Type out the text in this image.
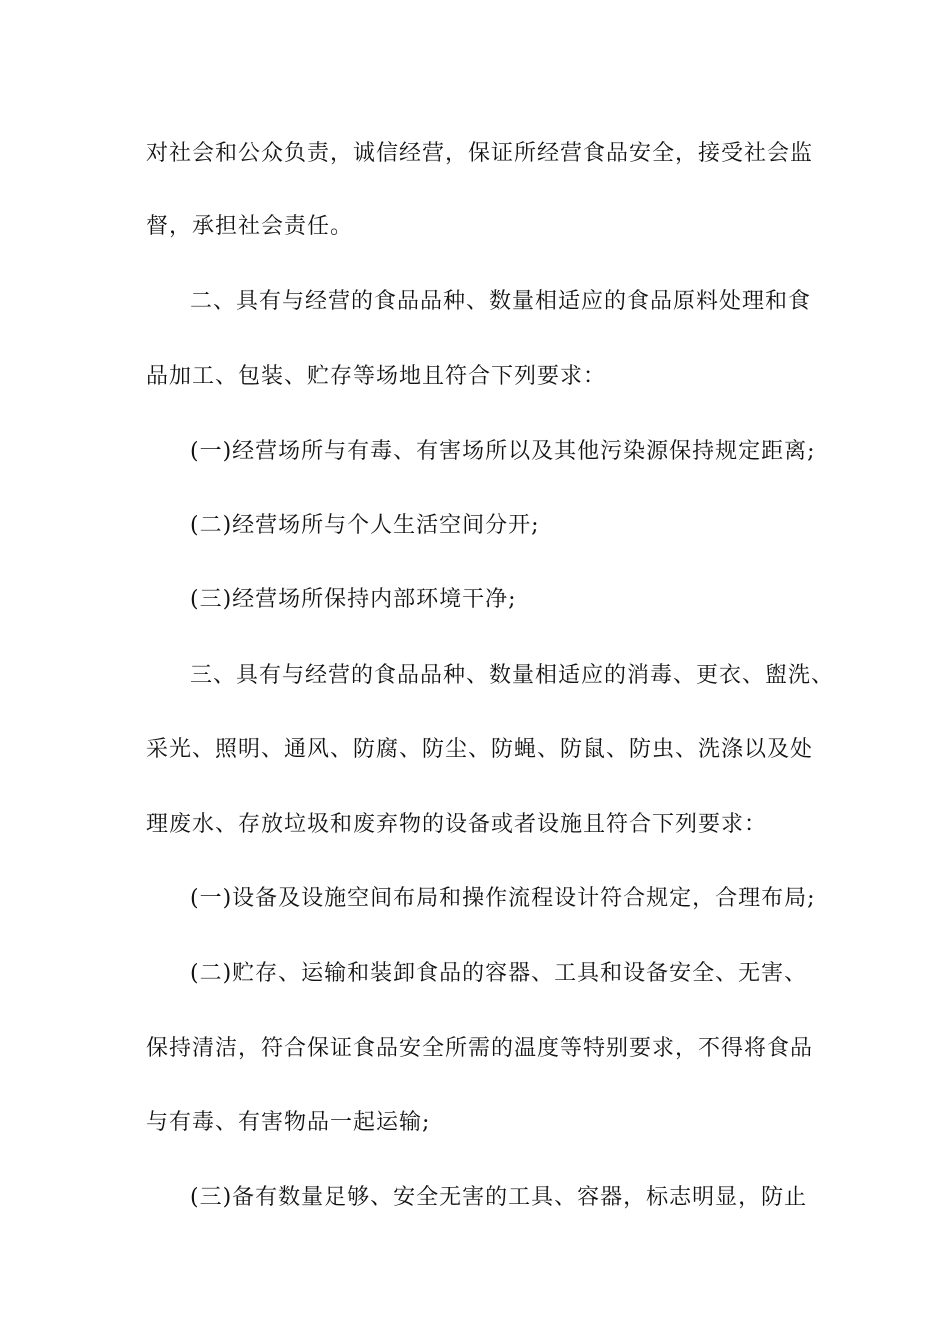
对社会和公众负责，诚信经营，保证所经营食品安全，接受社会监
督，承担社会责任。
二、具有与经营的食品品种、数量相适应的食品原料处理和食
品加工、包装、贮存等场地且符合下列要求：
(一)经营场所与有毒、有害场所以及其他污染源保持规定距离;
(二)经营场所与个人生活空间分开;
(三)经营场所保持内部环境干净;
三、具有与经营的食品品种、数量相适应的消毒、更衣、盥洗、
采光、照明、通风、防腐、防尘、防蝇、防鼠、防虫、洗涤以及处
理废水、存放垃圾和废弃物的设备或者设施且符合下列要求：
(一)设备及设施空间布局和操作流程设计符合规定，合理布局;
(二)贮存、运输和装卸食品的容器、工具和设备安全、无害、
保持清洁，符合保证食品安全所需的温度等特别要求，不得将食品
与有毒、有害物品一起运输;
(三)备有数量足够、安全无害的工具、容器，标志明显，防止
